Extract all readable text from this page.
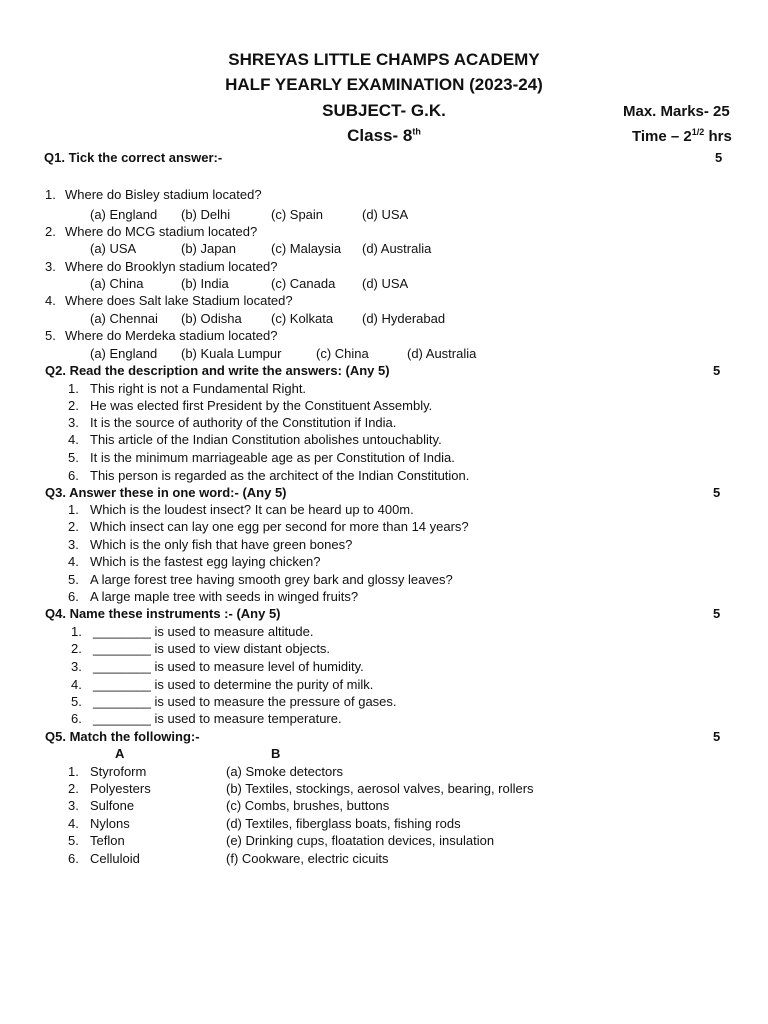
SHREYAS LITTLE CHAMPS ACADEMY
HALF YEARLY EXAMINATION (2023-24)
SUBJECT- G.K.	Max. Marks- 25
Class- 8th	Time – $2^{1/2}$ hrs
Q1. Tick the correct answer:-	5
1. Where do Bisley stadium located?
(a) England (b) Delhi	(c) Spain	(d) USA
2. Where do MCG stadium located?
(a) USA	(b) Japan	(c) Malaysia (d) Australia
3. Where do Brooklyn stadium located?
(a) China	(b) India	(c) Canada (d) USA
4. Where does Salt lake Stadium located?
(a) Chennai (b) Odisha (c) Kolkata (d) Hyderabad
5. Where do Merdeka stadium located?
(a) England (b) Kuala Lumpur	(c) China	(d) Australia
Q2. Read the description and write the answers: (Any 5)	5
1. This right is not a Fundamental Right.
2. He was elected first President by the Constituent Assembly.
3. It is the source of authority of the Constitution if India.
4. This article of the Indian Constitution abolishes untouchablity.
5. It is the minimum marriageable age as per Constitution of India.
6. This person is regarded as the architect of the Indian Constitution.
Q3. Answer these in one word:- (Any 5)	5
1. Which is the loudest insect? It can be heard up to 400m.
2. Which insect can lay one egg per second for more than 14 years?
3. Which is the only fish that have green bones?
4. Which is the fastest egg laying chicken?
5. A large forest tree having smooth grey bark and glossy leaves?
6. A large maple tree with seeds in winged fruits?
Q4. Name these instruments :- (Any 5)	5
1. ________ is used to measure altitude.
2. ________ is used to view distant objects.
3. ________ is used to measure level of humidity.
4. ________ is used to determine the purity of milk.
5. ________ is used to measure the pressure of gases.
6. ________ is used to measure temperature.
Q5. Match the following:-	5
A	B
1. Styroform	(a) Smoke detectors
2. Polyesters	(b) Textiles, stockings, aerosol valves, bearing, rollers
3. Sulfone	(c) Combs, brushes, buttons
4. Nylons	(d) Textiles, fiberglass boats, fishing rods
5. Teflon	(e) Drinking cups, floatation devices, insulation
6. Celluloid	(f) Cookware, electric cicuits
